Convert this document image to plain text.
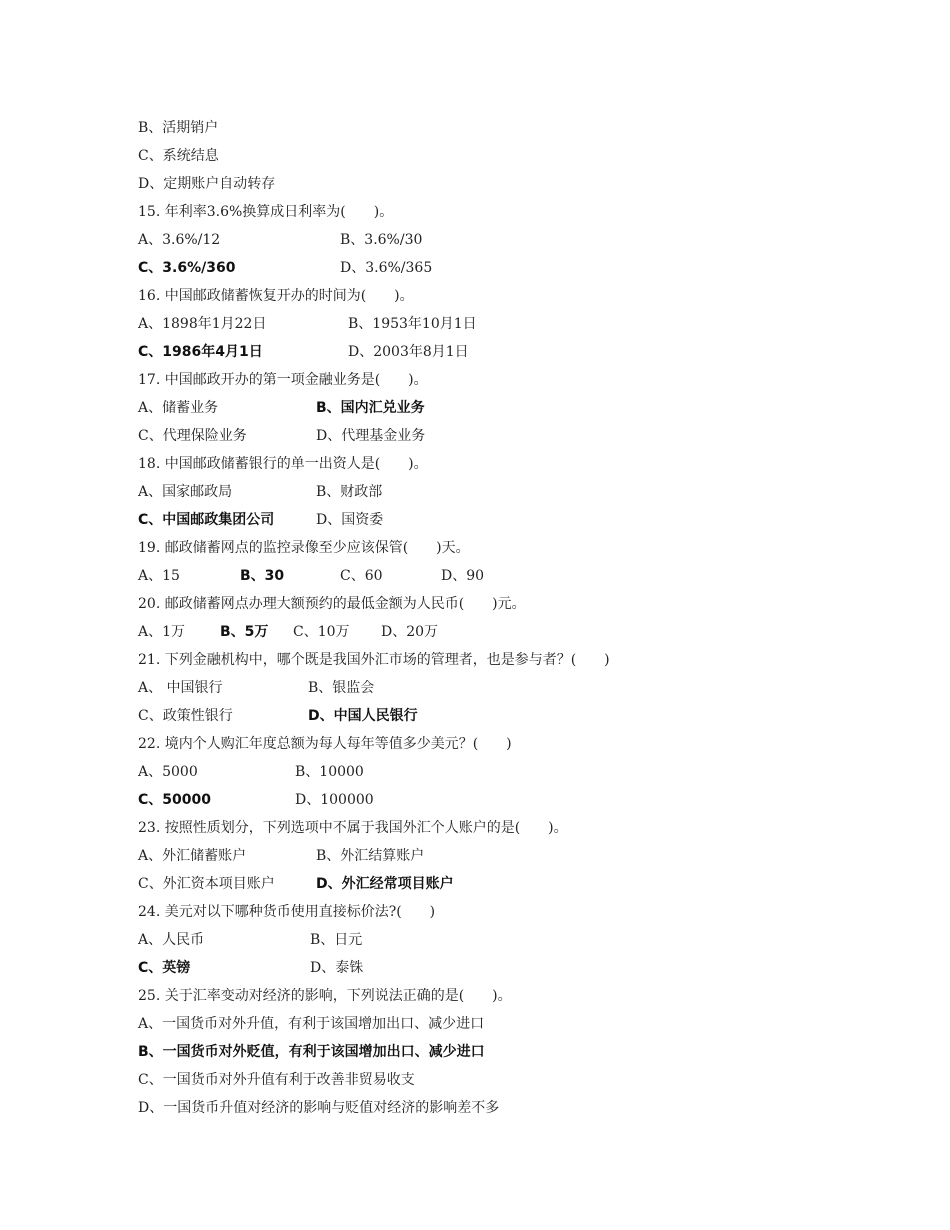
B、活期销户
C、系统结息
D、定期账户自动转存
15. 年利率3.6%换算成日利率为(　　)。
A、3.6%/12	B、3.6%/30
C、3.6%/360	D、3.6%/365
16. 中国邮政储蓄恢复开办的时间为(　　)。
A、1898年1月22日	B、1953年10月1日
C、1986年4月1日	D、2003年8月1日
17. 中国邮政开办的第一项金融业务是(　　)。
A、储蓄业务	B、国内汇兑业务
C、代理保险业务	D、代理基金业务
18. 中国邮政储蓄银行的单一出资人是(　　)。
A、国家邮政局	B、财政部
C、中国邮政集团公司	D、国资委
19. 邮政储蓄网点的监控录像至少应该保管(　　)天。
A、15	B、30	C、60	D、90
20. 邮政储蓄网点办理大额预约的最低金额为人民币(　　)元。
A、1万 B、5万 C、10万 D、20万
21. 下列金融机构中，哪个既是我国外汇市场的管理者，也是参与者？(　　)
A、 中国银行	B、银监会
C、政策性银行	D、中国人民银行
22. 境内个人购汇年度总额为每人每年等值多少美元？(　　)
A、5000	B、10000
C、50000	D、100000
23. 按照性质划分，下列选项中不属于我国外汇个人账户的是(　　)。
A、外汇储蓄账户	B、外汇结算账户
C、外汇资本项目账户	D、外汇经常项目账户
24. 美元对以下哪种货币使用直接标价法?(　　)
A、人民币	B、日元
C、英镑	D、泰铢
25. 关于汇率变动对经济的影响，下列说法正确的是(　　)。
A、一国货币对外升值，有利于该国增加出口、减少进口
B、一国货币对外贬值，有利于该国增加出口、减少进口
C、一国货币对外升值有利于改善非贸易收支
D、一国货币升值对经济的影响与贬值对经济的影响差不多
